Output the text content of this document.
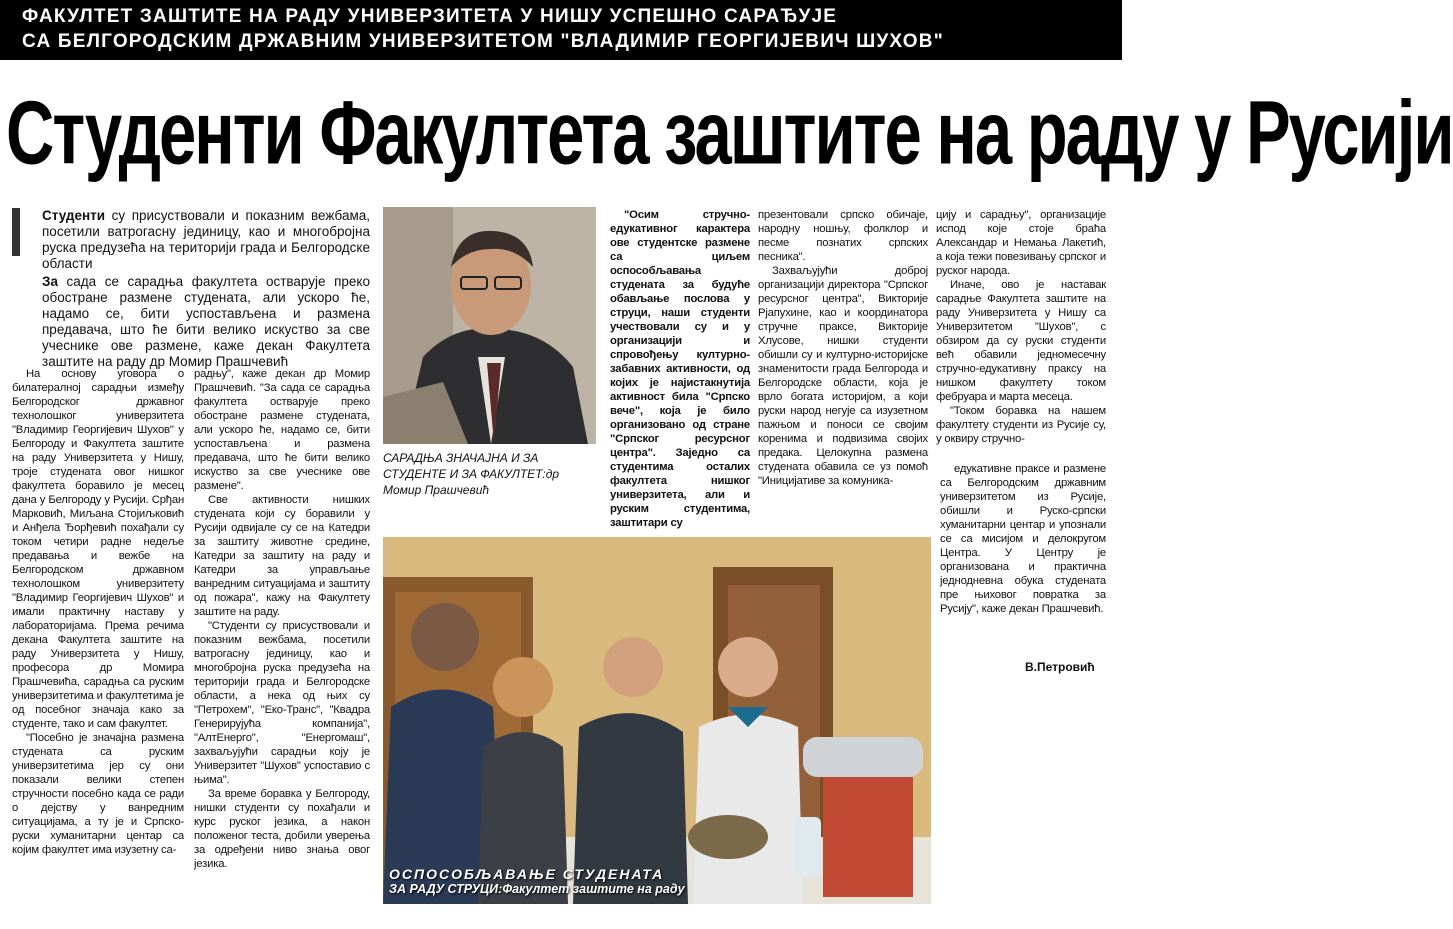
ФАКУЛТЕТ ЗАШТИТЕ НА РАДУ УНИВЕРЗИТЕТА У НИШУ УСПЕШНО САРАЂУЈЕ
СА БЕЛГОРОДСКИМ ДРЖАВНИМ УНИВЕРЗИТЕТОМ "ВЛАДИМИР ГЕОРГИЈЕВИЧ ШУХОВ"
Студенти Факултета заштите на раду у Русији

Студенти су присуствовали и показним вежбама, посетили ватрогасну јединицу, као и многобројна руска предузећа на територији града и Белгородске области

За сада се сарадња факултета остварује преко обостране размене студената, али ускоро ће, надамо се, бити успостављена и размена предавача, што ће бити велико искуство за све учеснике ове размене, каже декан Факултета заштите на раду др Момир Прашчевић

На основу уговора о билатералној сарадњи између Белгородског државног технолошког универзитета "Владимир Георгијевич Шухов" у Белгороду и Факултета заштите на раду Универзитета у Нишу, троје студената овог нишког факултета боравило је месец дана у Белгороду у Русији. Срђан Марковић, Миљана Стојиљковић и Анђела Ђорђевић похађали су током четири радне недеље предавања и вежбе на Белгородском државном технолошком универзитету "Владимир Георгијевич Шухов" и имали практичну наставу у лабораторијама. Према речима декана Факултета заштите на раду Универзитета у Нишу, професора др Момира Прашчевића, сарадња са руским универзитетима и факултетима је од посебног значаја како за студенте, тако и сам факултет.

"Посебно је значајна размена студената са руским универзитетима јер су они показали велики степен стручности посебно када се ради о дејству у ванредним ситуацијама, а ту је и Српско-руски хуманитарни центар са којим факултет има изузетну са-

радњу", каже декан др Момир Прашчевић. "За сада се сарадња факултета остварује преко обостране размене студената, али ускоро ће, надамо се, бити успостављена и размена предавача, што ће бити велико искуство за све учеснике ове размене".

Све активности нишких студената који су боравили у Русији одвијале су се на Катедри за заштиту животне средине, Катедри за заштиту на раду и Катедри за управљање ванредним ситуацијама и заштиту од пожара", кажу на Факултету заштите на раду.

"Студенти су присуствовали и показним вежбама, посетили ватрогасну јединицу, као и многобројна руска предузећа на територији града и Белгородске области, а нека од њих су "Петрохем", "Еко-Транс", "Квадра Генерирујућа компанија", "АлтЕнерго", "Енергомаш", захваљујући сарадњи коју је Универзитет "Шухов" успоставио с њима".

За време боравка у Белгороду, нишки студенти су похађали и курс руског језика, а након положеног теста, добили уверења за одређени ниво знања овог језика.

САРАДЊА ЗНАЧАЈНА И ЗА СТУДЕНТЕ И ЗА ФАКУЛТЕТ:др Момир Прашчевић

"Осим стручно-едукативног карактера ове студентске размене са циљем оспособљавања студената за будуће обављање послова у струци, наши студенти учествовали су и у организацији и спровођењу културно-забавних активности, од којих је најистакнутија активност била "Српско вече", која је било организовано од стране "Српског ресурсног центра". Заједно са студентима осталих факултета нишког универзитета, али и руским студентима, заштитари су

презентовали српско обичаје, народну ношњу, фолклор и песме познатих српских песника".

Захваљујући доброј организацији директора "Српског ресурсног центра", Викторије Рјапухине, као и координатора стручне праксе, Викторије Хлусове, нишки студенти обишли су и културно-историјске знаменитости града Белгорода и Белгородске области, која је врло богата историјом, а који руски народ негује са изузетном пажњом и поноси се својим коренима и подвизима својих предака. Целокупна размена студената обавила се уз помоћ "Иницијативе за комуника-

цију и сарадњу", организације испод које стоје браћа Александар и Немања Лакетић, а која тежи повезивању српског и руског народа.

Иначе, ово је наставак сарадње Факултета заштите на раду Универзитета у Нишу са Универзитетом "Шухов", с обзиром да су руски студенти већ обавили једномесечну стручно-едукативну праксу на нишком факултету током фебруара и марта месеца.

"Током боравка на нашем факултету студенти из Русије су, у оквиру стручно-

едукативне праксе и размене са Белгородским државним универзитетом из Русије, обишли и Руско-српски хуманитарни центар и упознали се са мисијом и делокругом Центра. У Центру је организована и практична једнодневна обука студената пре њиховог повратка за Русију", каже декан Прашчевић.

ОСПОСОБЉАВАЊЕ СТУДЕНАТА
ЗА РАДУ СТРУЦИ:Факултет заштите на раду
В.Петровић
